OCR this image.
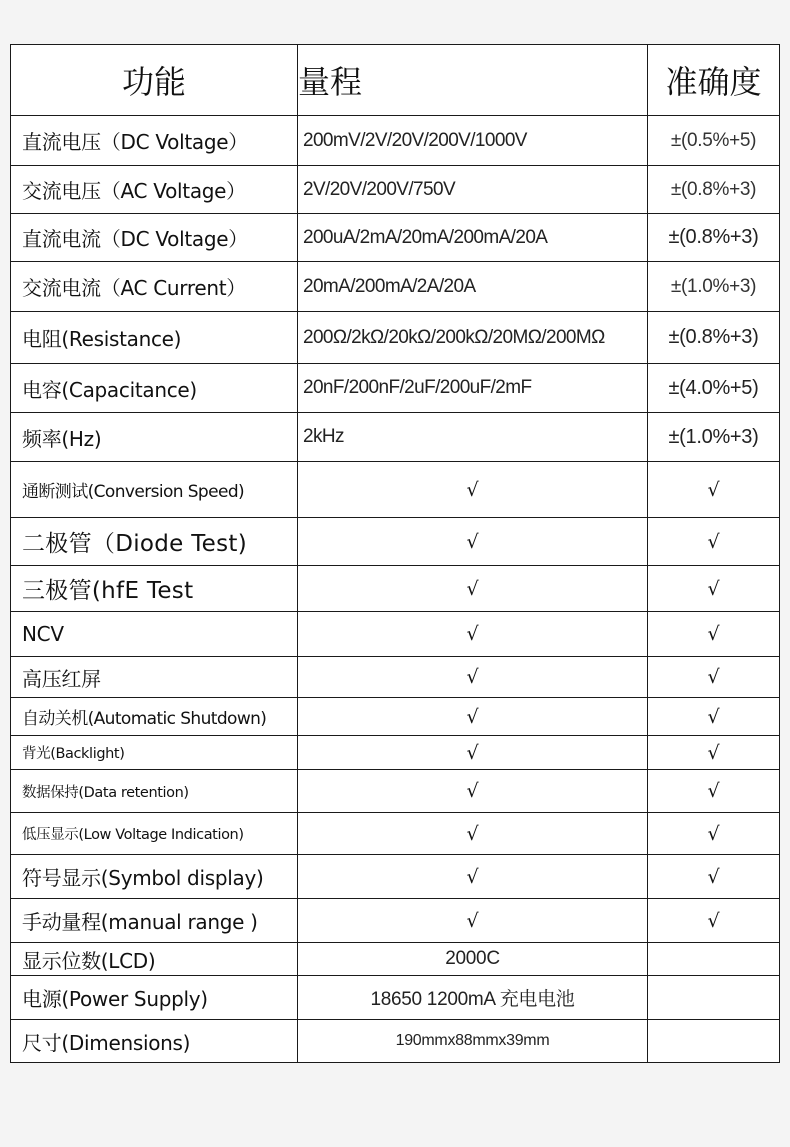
功能	量程	准确度
直流电压（DC Voltage）	200mV/2V/20V/200V/1000V	±(0.5%+5)
交流电压（AC Voltage）	2V/20V/200V/750V	±(0.8%+3)
直流电流（DC Voltage）	200uA/2mA/20mA/200mA/20A	±(0.8%+3)
交流电流（AC Current）	20mA/200mA/2A/20A	±(1.0%+3)
电阻(Resistance)	200Ω/2kΩ/20kΩ/200kΩ/20MΩ/200MΩ	±(0.8%+3)
电容(Capacitance)	20nF/200nF/2uF/200uF/2mF	±(4.0%+5)
频率(Hz)	2kHz	±(1.0%+3)
通断测试(Conversion Speed)	√	√
二极管（Diode Test)	√	√
三极管(hfE Test	√	√
NCV	√	√
高压红屏	√	√
自动关机(Automatic Shutdown)	√	√
背光(Backlight)	√	√
数据保持(Data retention)	√	√
低压显示(Low Voltage Indication)	√	√
符号显示(Symbol display)	√	√
手动量程(manual range )	√	√
显示位数(LCD)	2000C	
电源(Power Supply)	18650 1200mA 充电电池	
尺寸(Dimensions)	190mmx88mmx39mm	
